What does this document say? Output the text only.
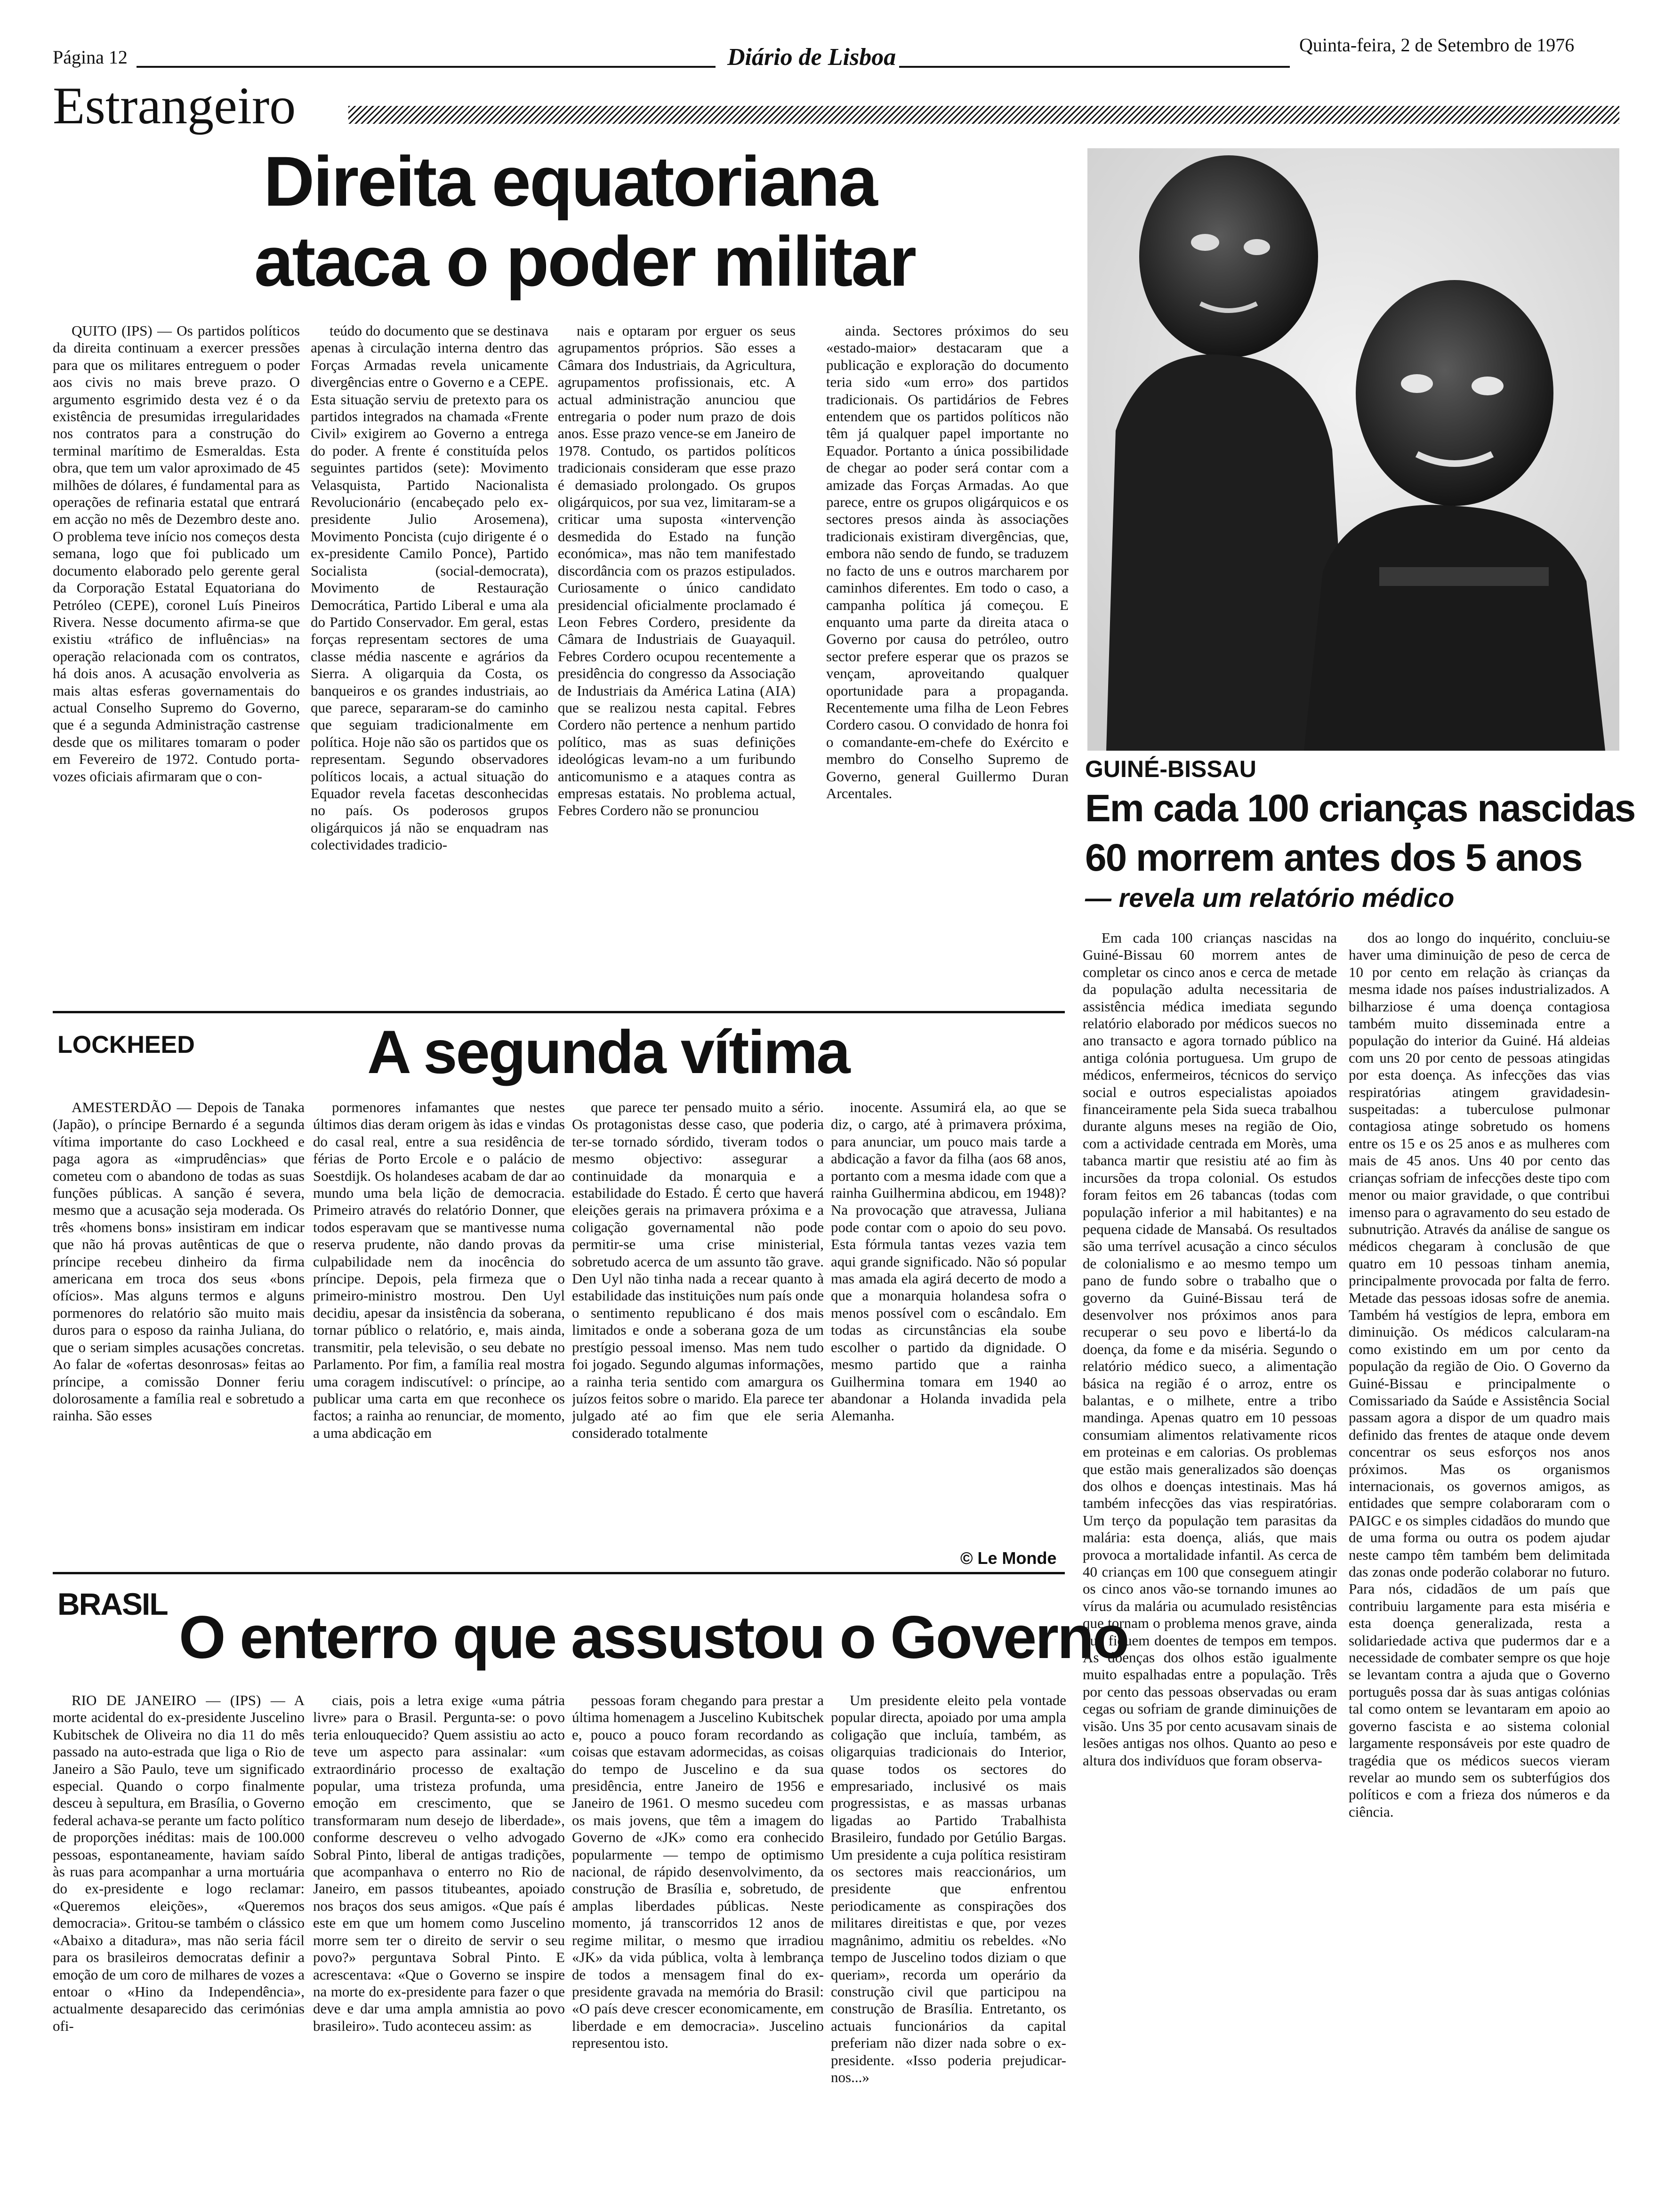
Página 12	Diário de Lisboa	Quinta-feira, 2 de Setembro de 1976
Estrangeiro
Direita equatoriana
ataca o poder militar

QUITO (IPS) — Os partidos políticos da direita continuam a exercer pressões para que os militares entreguem o poder aos civis no mais breve prazo. O argumento esgrimido desta vez é o da existência de presumidas irregularidades nos contratos para a construção do terminal marítimo de Esmeraldas. Esta obra, que tem um valor aproximado de 45 milhões de dólares, é fundamental para as operações de refinaria estatal que entrará em acção no mês de Dezembro deste ano. O problema teve início nos começos desta semana, logo que foi publicado um documento elaborado pelo gerente geral da Corporação Estatal Equatoriana do Petróleo (CEPE), coronel Luís Pineiros Rivera. Nesse documento afirma-se que existiu «tráfico de influências» na operação relacionada com os contratos, há dois anos. A acusação envolveria as mais altas esferas governamentais do actual Conselho Supremo do Governo, que é a segunda Administração castrense desde que os militares tomaram o poder em Fevereiro de 1972. Contudo porta-vozes oficiais afirmaram que o con-

teúdo do documento que se destinava apenas à circulação interna dentro das Forças Armadas revela unicamente divergências entre o Governo e a CEPE. Esta situação serviu de pretexto para os partidos integrados na chamada «Frente Civil» exigirem ao Governo a entrega do poder. A frente é constituída pelos seguintes partidos (sete): Movimento Velasquista, Partido Nacionalista Revolucionário (encabeçado pelo ex-presidente Julio Arosemena), Movimento Poncista (cujo dirigente é o ex-presidente Camilo Ponce), Partido Socialista (social-democrata), Movimento de Restauração Democrática, Partido Liberal e uma ala do Partido Conservador. Em geral, estas forças representam sectores de uma classe média nascente e agrários da Sierra. A oligarquia da Costa, os banqueiros e os grandes industriais, ao que parece, separaram-se do caminho que seguiam tradicionalmente em política. Hoje não são os partidos que os representam. Segundo observadores políticos locais, a actual situação do Equador revela facetas desconhecidas no país. Os poderosos grupos oligárquicos já não se enquadram nas colectividades tradicio-

nais e optaram por erguer os seus agrupamentos próprios. São esses a Câmara dos Industriais, da Agricultura, agrupamentos profissionais, etc. A actual administração anunciou que entregaria o poder num prazo de dois anos. Esse prazo vence-se em Janeiro de 1978. Contudo, os partidos políticos tradicionais consideram que esse prazo é demasiado prolongado. Os grupos oligárquicos, por sua vez, limitaram-se a criticar uma suposta «intervenção desmedida do Estado na função económica», mas não tem manifestado discordância com os prazos estipulados. Curiosamente o único candidato presidencial oficialmente proclamado é Leon Febres Cordero, presidente da Câmara de Industriais de Guayaquil. Febres Cordero ocupou recentemente a presidência do congresso da Associação de Industriais da América Latina (AIA) que se realizou nesta capital. Febres Cordero não pertence a nenhum partido político, mas as suas definições ideológicas levam-no a um furibundo anticomunismo e a ataques contra as empresas estatais. No problema actual, Febres Cordero não se pronunciou

ainda. Sectores próximos do seu «estado-maior» destacaram que a publicação e exploração do documento teria sido «um erro» dos partidos tradicionais. Os partidários de Febres entendem que os partidos políticos não têm já qualquer papel importante no Equador. Portanto a única possibilidade de chegar ao poder será contar com a amizade das Forças Armadas. Ao que parece, entre os grupos oligárquicos e os sectores presos ainda às associações tradicionais existiram divergências, que, embora não sendo de fundo, se traduzem no facto de uns e outros marcharem por caminhos diferentes. Em todo o caso, a campanha política já começou. E enquanto uma parte da direita ataca o Governo por causa do petróleo, outro sector prefere esperar que os prazos se vençam, aproveitando qualquer oportunidade para a propaganda. Recentemente uma filha de Leon Febres Cordero casou. O convidado de honra foi o comandante-em-chefe do Exército e membro do Conselho Supremo de Governo, general Guillermo Duran Arcentales.

GUINÉ-BISSAU
Em cada 100 crianças nascidas
60 morrem antes dos 5 anos
— revela um relatório médico

Em cada 100 crianças nascidas na Guiné-Bissau 60 morrem antes de completar os cinco anos e cerca de metade da população adulta necessitaria de assistência médica imediata segundo relatório elaborado por médicos suecos no ano transacto e agora tornado público na antiga colónia portuguesa. Um grupo de médicos, enfermeiros, técnicos do serviço social e outros especialistas apoiados financeiramente pela Sida sueca trabalhou durante alguns meses na região de Oio, com a actividade centrada em Morès, uma tabanca martir que resistiu até ao fim às incursões da tropa colonial. Os estudos foram feitos em 26 tabancas (todas com população inferior a mil habitantes) e na pequena cidade de Mansabá. Os resultados são uma terrível acusação a cinco séculos de colonialismo e ao mesmo tempo um pano de fundo sobre o trabalho que o governo da Guiné-Bissau terá de desenvolver nos próximos anos para recuperar o seu povo e libertá-lo da doença, da fome e da miséria. Segundo o relatório médico sueco, a alimentação básica na região é o arroz, entre os balantas, e o milhete, entre a tribo mandinga. Apenas quatro em 10 pessoas consumiam alimentos relativamente ricos em proteinas e em calorias. Os problemas que estão mais generalizados são doenças dos olhos e doenças intestinais. Mas há também infecções das vias respiratórias. Um terço da população tem parasitas da malária: esta doença, aliás, que mais provoca a mortalidade infantil. As cerca de 40 crianças em 100 que conseguem atingir os cinco anos vão-se tornando imunes ao vírus da malária ou acumulado resistências que tornam o problema menos grave, ainda que fiquem doentes de tempos em tempos. As doenças dos olhos estão igualmente muito espalhadas entre a população. Três por cento das pessoas observadas ou eram cegas ou sofriam de grande diminuições de visão. Uns 35 por cento acusavam sinais de lesões antigas nos olhos. Quanto ao peso e altura dos indivíduos que foram observa-

dos ao longo do inquérito, concluiu-se haver uma diminuição de peso de cerca de 10 por cento em relação às crianças da mesma idade nos países industrializados. A bilharziose é uma doença contagiosa também muito disseminada entre a população do interior da Guiné. Há aldeias com uns 20 por cento de pessoas atingidas por esta doença. As infecções das vias respiratórias atingem gravidadesin-suspeitadas: a tuberculose pulmonar contagiosa atinge sobretudo os homens entre os 15 e os 25 anos e as mulheres com mais de 45 anos. Uns 40 por cento das crianças sofriam de infecções deste tipo com menor ou maior gravidade, o que contribui imenso para o agravamento do seu estado de subnutrição. Através da análise de sangue os médicos chegaram à conclusão de que quatro em 10 pessoas tinham anemia, principalmente provocada por falta de ferro. Metade das pessoas idosas sofre de anemia. Também há vestígios de lepra, embora em diminuição. Os médicos calcularam-na como existindo em um por cento da população da região de Oio. O Governo da Guiné-Bissau e principalmente o Comissariado da Saúde e Assistência Social passam agora a dispor de um quadro mais definido das frentes de ataque onde devem concentrar os seus esforços nos anos próximos. Mas os organismos internacionais, os governos amigos, as entidades que sempre colaboraram com o PAIGC e os simples cidadãos do mundo que de uma forma ou outra os podem ajudar neste campo têm também bem delimitada das zonas onde poderão colaborar no futuro. Para nós, cidadãos de um país que contribuiu largamente para esta miséria e esta doença generalizada, resta a solidariedade activa que pudermos dar e a necessidade de combater sempre os que hoje se levantam contra a ajuda que o Governo português possa dar às suas antigas colónias tal como ontem se levantaram em apoio ao governo fascista e ao sistema colonial largamente responsáveis por este quadro de tragédia que os médicos suecos vieram revelar ao mundo sem os subterfúgios dos políticos e com a frieza dos números e da ciência.

LOCKHEED	A segunda vítima

AMESTERDÃO — Depois de Tanaka (Japão), o príncipe Bernardo é a segunda vítima importante do caso Lockheed e paga agora as «imprudências» que cometeu com o abandono de todas as suas funções públicas. A sanção é severa, mesmo que a acusação seja moderada. Os três «homens bons» insistiram em indicar que não há provas autênticas de que o príncipe recebeu dinheiro da firma americana em troca dos seus «bons ofícios». Mas alguns termos e alguns pormenores do relatório são muito mais duros para o esposo da rainha Juliana, do que o seriam simples acusações concretas. Ao falar de «ofertas desonrosas» feitas ao príncipe, a comissão Donner feriu dolorosamente a família real e sobretudo a rainha. São esses

pormenores infamantes que nestes últimos dias deram origem às idas e vindas do casal real, entre a sua residência de férias de Porto Ercole e o palácio de Soestdijk. Os holandeses acabam de dar ao mundo uma bela lição de democracia. Primeiro através do relatório Donner, que todos esperavam que se mantivesse numa reserva prudente, não dando provas da culpabilidade nem da inocência do príncipe. Depois, pela firmeza que o primeiro-ministro mostrou. Den Uyl decidiu, apesar da insistência da soberana, tornar público o relatório, e, mais ainda, transmitir, pela televisão, o seu debate no Parlamento. Por fim, a família real mostra uma coragem indiscutível: o príncipe, ao publicar uma carta em que reconhece os factos; a rainha ao renunciar, de momento, a uma abdicação em

que parece ter pensado muito a sério. Os protagonistas desse caso, que poderia ter-se tornado sórdido, tiveram todos o mesmo objectivo: assegurar a continuidade da monarquia e a estabilidade do Estado. É certo que haverá eleições gerais na primavera próxima e a coligação governamental não pode permitir-se uma crise ministerial, sobretudo acerca de um assunto tão grave. Den Uyl não tinha nada a recear quanto à estabilidade das instituições num país onde o sentimento republicano é dos mais limitados e onde a soberana goza de um prestígio pessoal imenso. Mas nem tudo foi jogado. Segundo algumas informações, a rainha teria sentido com amargura os juízos feitos sobre o marido. Ela parece ter julgado até ao fim que ele seria considerado totalmente

inocente. Assumirá ela, ao que se diz, o cargo, até à primavera próxima, para anunciar, um pouco mais tarde a abdicação a favor da filha (aos 68 anos, portanto com a mesma idade com que a rainha Guilhermina abdicou, em 1948)? Na provocação que atravessa, Juliana pode contar com o apoio do seu povo. Esta fórmula tantas vezes vazia tem aqui grande significado. Não só popular mas amada ela agirá decerto de modo a que a monarquia holandesa sofra o menos possível com o escândalo. Em todas as circunstâncias ela soube escolher o partido da dignidade. O mesmo partido que a rainha Guilhermina tomara em 1940 ao abandonar a Holanda invadida pela Alemanha.

© Le Monde
BRASIL O enterro que assustou o Governo

RIO DE JANEIRO — (IPS) — A morte acidental do ex-presidente Juscelino Kubitschek de Oliveira no dia 11 do mês passado na auto-estrada que liga o Rio de Janeiro a São Paulo, teve um significado especial. Quando o corpo finalmente desceu à sepultura, em Brasília, o Governo federal achava-se perante um facto político de proporções inéditas: mais de 100.000 pessoas, espontaneamente, haviam saído às ruas para acompanhar a urna mortuária do ex-presidente e logo reclamar: «Queremos eleições», «Queremos democracia». Gritou-se também o clássico «Abaixo a ditadura», mas não seria fácil para os brasileiros democratas definir a emoção de um coro de milhares de vozes a entoar o «Hino da Independência», actualmente desaparecido das cerimónias ofi-

ciais, pois a letra exige «uma pátria livre» para o Brasil. Pergunta-se: o povo teria enlouquecido? Quem assistiu ao acto teve um aspecto para assinalar: «um extraordinário processo de exaltação popular, uma tristeza profunda, uma emoção em crescimento, que se transformaram num desejo de liberdade», conforme descreveu o velho advogado Sobral Pinto, liberal de antigas tradições, que acompanhava o enterro no Rio de Janeiro, em passos titubeantes, apoiado nos braços dos seus amigos. «Que país é este em que um homem como Juscelino morre sem ter o direito de servir o seu povo?» perguntava Sobral Pinto. E acrescentava: «Que o Governo se inspire na morte do ex-presidente para fazer o que deve e dar uma ampla amnistia ao povo brasileiro». Tudo aconteceu assim: as

pessoas foram chegando para prestar a última homenagem a Juscelino Kubitschek e, pouco a pouco foram recordando as coisas que estavam adormecidas, as coisas do tempo de Juscelino e da sua presidência, entre Janeiro de 1956 e Janeiro de 1961. O mesmo sucedeu com os mais jovens, que têm a imagem do Governo de «JK» como era conhecido popularmente — tempo de optimismo nacional, de rápido desenvolvimento, da construção de Brasília e, sobretudo, de amplas liberdades públicas. Neste momento, já transcorridos 12 anos de regime militar, o mesmo que irradiou «JK» da vida pública, volta à lembrança de todos a mensagem final do ex-presidente gravada na memória do Brasil: «O país deve crescer economicamente, em liberdade e em democracia». Juscelino representou isto.

Um presidente eleito pela vontade popular directa, apoiado por uma ampla coligação que incluía, também, as oligarquias tradicionais do Interior, quase todos os sectores do empresariado, inclusivé os mais progressistas, e as massas urbanas ligadas ao Partido Trabalhista Brasileiro, fundado por Getúlio Bargas. Um presidente a cuja política resistiram os sectores mais reaccionários, um presidente que enfrentou periodicamente as conspirações dos militares direitistas e que, por vezes magnânimo, admitiu os rebeldes. «No tempo de Juscelino todos diziam o que queriam», recorda um operário da construção civil que participou na construção de Brasília. Entretanto, os actuais funcionários da capital preferiam não dizer nada sobre o ex-presidente. «Isso poderia prejudicar-nos...»
